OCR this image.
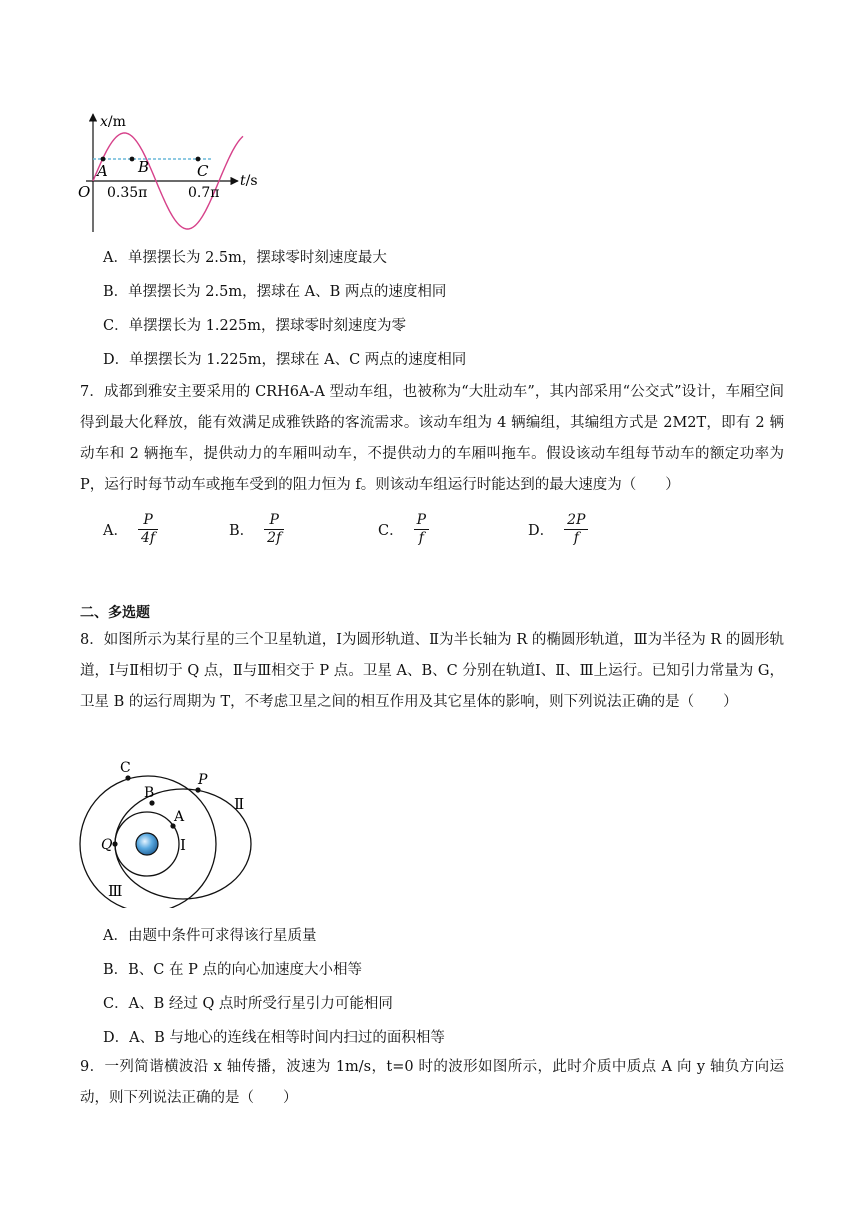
x/m
t/s
O
A B	C
0.35π	0.7π
A．单摆摆长为 2.5m，摆球零时刻速度最大
B．单摆摆长为 2.5m，摆球在 A、B 两点的速度相同
C．单摆摆长为 1.225m，摆球零时刻速度为零
D．单摆摆长为 1.225m，摆球在 A、C 两点的速度相同
7．成都到雅安主要采用的 CRH6A-A 型动车组，也被称为“大肚动车”，其内部采用“公交式”设计，车厢空间得到最大化释放，能有效满足成雅铁路的客流需求。该动车组为 4 辆编组，其编组方式是 2M2T，即有 2 辆动车和 2 辆拖车，提供动力的车厢叫动车，不提供动力的车厢叫拖车。假设该动车组每节动车的额定功率为 P，运行时每节动车或拖车受到的阻力恒为 f。则该动车组运行时能达到的最大速度为（　　）
A． $\frac{P}{4f}$	B． $\frac{P}{2f}$	C． $\frac{P}{f}$	D． $\frac{2P}{f}$
二、多选题
8．如图所示为某行星的三个卫星轨道，Ⅰ为圆形轨道、Ⅱ为半长轴为 R 的椭圆形轨道，Ⅲ为半径为 R 的圆形轨道，Ⅰ与Ⅱ相切于 Q 点，Ⅱ与Ⅲ相交于 P 点。卫星 A、B、C 分别在轨道Ⅰ、Ⅱ、Ⅲ上运行。已知引力常量为 G，卫星 B 的运行周期为 T，不考虑卫星之间的相互作用及其它星体的影响，则下列说法正确的是（　　）
C
B
A
P
Q	Ⅰ
Ⅱ
Ⅲ
A．由题中条件可求得该行星质量
B．B、C 在 P 点的向心加速度大小相等
C．A、B 经过 Q 点时所受行星引力可能相同
D．A、B 与地心的连线在相等时间内扫过的面积相等
9．一列简谐横波沿 x 轴传播，波速为 1m/s，t=0 时的波形如图所示，此时介质中质点 A 向 y 轴负方向运动，则下列说法正确的是（　　）
